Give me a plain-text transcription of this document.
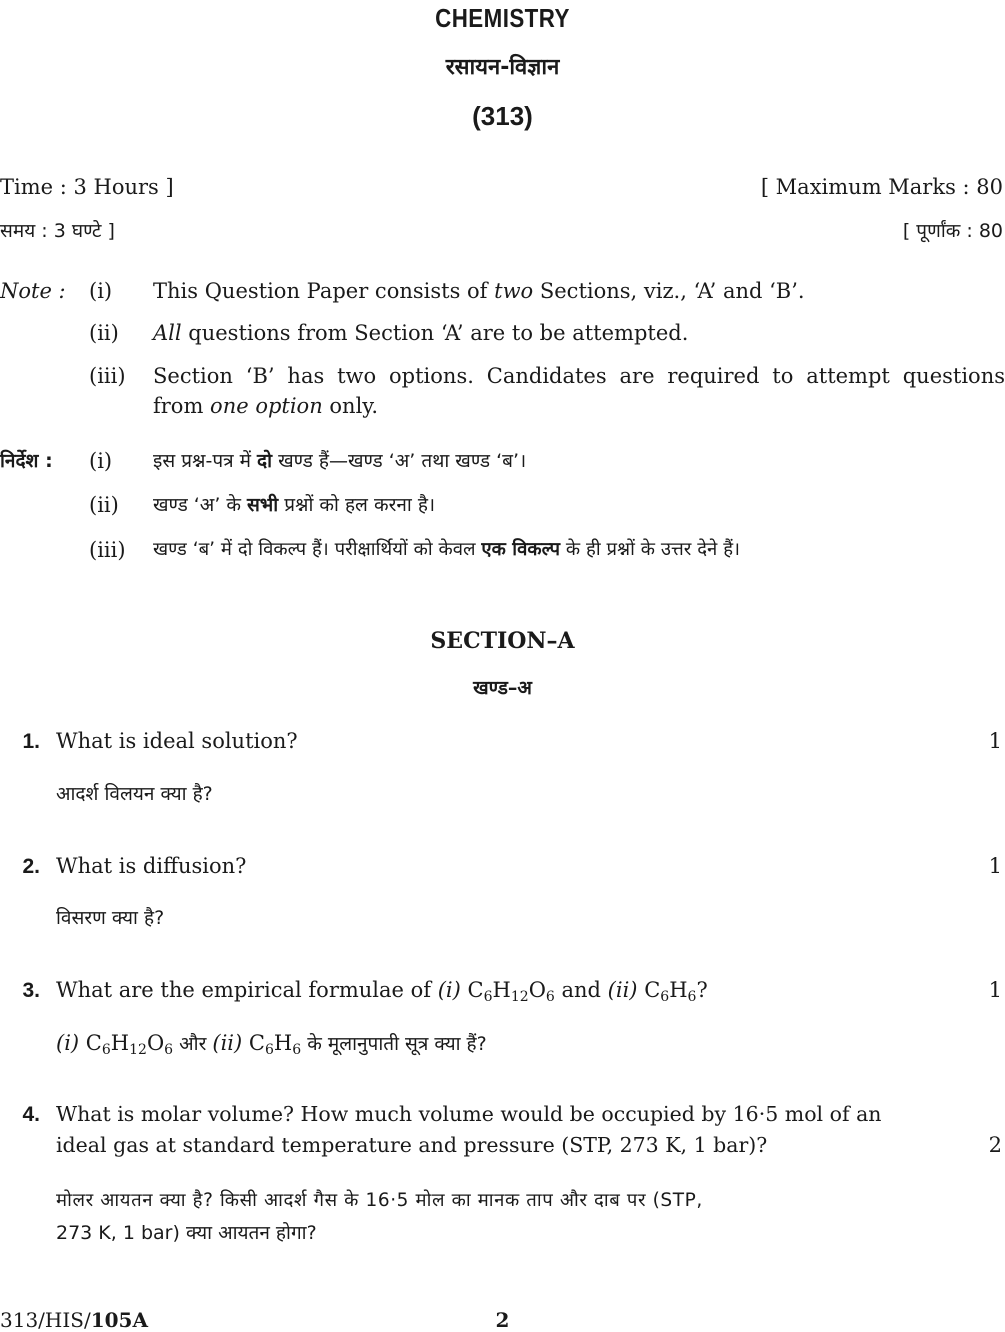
CHEMISTRY
रसायन-विज्ञान
(313)
Time : 3 Hours ]	[ Maximum Marks : 80
समय : 3 घण्टे ]	[ पूर्णांक : 80
Note : (i) This Question Paper consists of two Sections, viz., ‘A’ and ‘B’.
(ii) All questions from Section ‘A’ are to be attempted.
(iii) Section ‘B’ has two options. Candidates are required to attempt questions
from one option only.
निर्देश : (i) इस प्रश्न-पत्र में दो खण्ड हैं—खण्ड ‘अ’ तथा खण्ड ‘ब’।
(ii) खण्ड ‘अ’ के सभी प्रश्नों को हल करना है।
(iii) खण्ड ‘ब’ में दो विकल्प हैं। परीक्षार्थियों को केवल एक विकल्प के ही प्रश्नों के उत्तर देने हैं।
SECTION–A
खण्ड–अ
1. What is ideal solution?	1
आदर्श विलयन क्या है?
2. What is diffusion?	1
विसरण क्या है?
3. What are the empirical formulae of (i) $C_6H_{12}O_6$ and (ii) $C_6H_6$?	1
(i) $C_6H_{12}O_6$ और (ii) $C_6H_6$ के मूलानुपाती सूत्र क्या हैं?
4. What is molar volume? How much volume would be occupied by 16·5 mol of an
ideal gas at standard temperature and pressure (STP, 273 K, 1 bar)?	2
मोलर आयतन क्या है? किसी आदर्श गैस के 16·5 मोल का मानक ताप और दाब पर (STP,
273 K, 1 bar) क्या आयतन होगा?
313/HIS/105A	2
